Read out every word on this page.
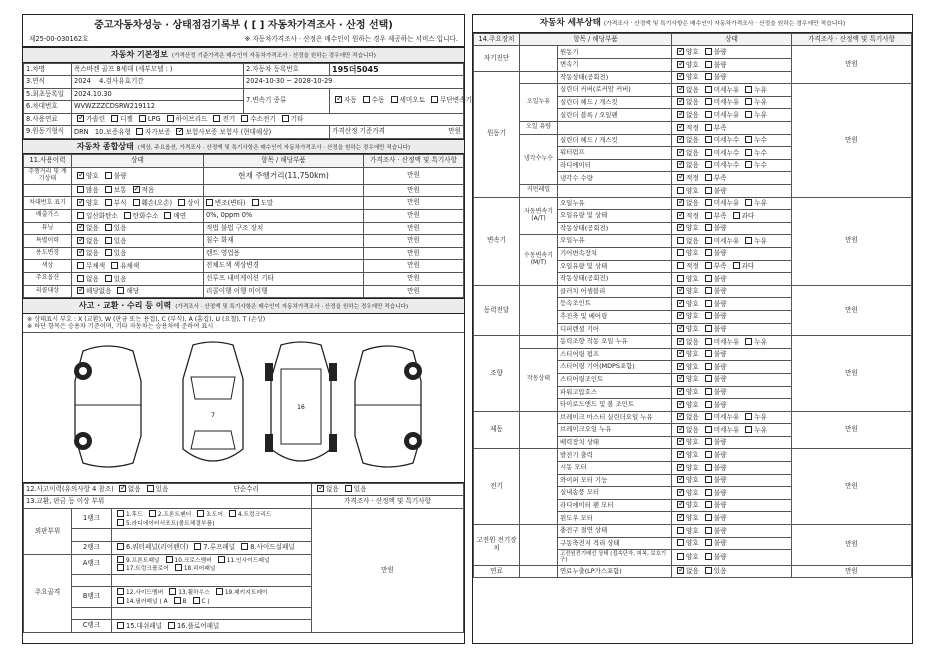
중고자동차성능 · 상태점검기록부 ( [ ] 자동차가격조사 · 산정 선택)
제25-00-030162호	※ 자동차가격조사 · 산정은 매수인이 원하는 경우 제공하는 서비스 입니다.
자동차 기본정보 (가격산정 기준가격은 매수인이 자동차가격조사 · 산정을 원하는 경우에만 적습니다)
1.차명	폭스바겐 골프 8세대 (세부모델 : )	2.자동차 등록번호	195더5045
3.연식	2024 4.검사유효기간	2024-10-30 ~ 2028-10-29	
5.최초등록일	2024.10.30	7.변속기 종류	✓자동 수동 세미오토 무단변속기
6.차대번호	WVWZZZCDSRW219112		
8.사용연료	✓가솔린 디젤 LPG 하이브리드 전기 수소전기 기타
9.원동기형식	DRN 10.보증유형 자가보증 ✓ 보험사보증 보험사 (현대해상)		가격산정 기준가격 만원
자동차 종합상태 (색상, 주요옵션, 가격조사 · 산정액 및 특기사항은 매수인이 자동차가격조사 · 산정을 원하는 경우에만 적습니다)
11.사용이력	상태	항목 / 해당부품	가격조사 · 산정액 및 특기사항
주행거리 및 계기상태	✓양호 불량	현재 주행거리(11,750km)	만원
	많음 보통 ✓ 적음		만원
차대번호 표기	✓양호 부식 훼손(오손) 상이 변조(변타) 도말		만원
배출가스	일산화탄소 탄화수소 매연	0%, 0ppm 0%	만원
튜닝	✓없음 있음	적법 불법 구조 장치	만원
특별이력	✓없음 있음	침수 화재	만원
용도변경	✓없음 있음	렌트 영업용	만원
색상	무채색 유채색	전체도색 색상변경	만원
주요옵션	없음 있음	선루프 내비게이션 기타	만원
리콜대상	✓해당없음 해당	리콜이행 이행 미이행	만원
사고 · 교환 · 수리 등 이력 (가격조사 · 산정액 및 특기사항은 매수인이 자동차가격조사 · 산정을 원하는 경우에만 적습니다)
※ 상태표시 부호 : X (교환), W (판금 또는 용접), C (부식), A (흠집), U (요철), T (손상)
※ 하단 항목은 승용차 기준이며, 기타 자동차는 승용차에 준하여 표시
7
16
12.사고이력(유의사항 4 참조) ✓ 없음 있음 단순수리	✓없음 있음
13.교환, 판금 등 이상 부위			가격조사 · 산정액 및 특기사항
외판부위	1랭크	1.후드 2.프론트펜더 3.도어 4.트렁크리드5.라디에이터서포트(볼트체결부품)	만원

	2랭크	6.쿼터패널(리어펜더) 7.루프패널 8.사이드실패널	
주요골격	A랭크	9.프론트패널 10.크로스멤버 11.인사이드패널17.트렁크플로어 18.리어패널	

	B랭크	12.사이드멤버 13.휠하우스 19.패키지트레이14.필러패널 ( A B C )	

	C랭크	15.대쉬패널 16.플로어패널	
자동차 세부상태 (가격조사 · 산정액 및 특기사항은 매수인이 자동차가격조사 · 산정을 원하는 경우에만 적습니다)
14.주요장치	항목 / 해당부품		상태	가격조사 · 산정액 및 특기사항
자기진단		원동기	✓양호 불량	만원
		변속기	✓양호 불량
원동기		작동상태(공회전)	✓양호 불량
	오일누유	실린더 커버(로커암 커버)	✓없음 미세누유 누유	만원
		실린더 헤드 / 개스킷	✓없음 미세누유 누유
		실린더 블록 / 오일팬	✓없음 미세누유 누유
	오일 유량		✓적정 부족
	냉각수누수	실린더 헤드 / 개스킷	✓없음 미세누수 누수
		워터펌프	✓없음 미세누수 누수
		라디에이터	✓없음 미세누수 누수
		냉각수 수량	✓적정 부족
	커먼레일		양호 불량	
변속기	자동변속기 (A/T)	오일누유	✓없음 미세누유 누유	만원
		오일유량 및 상태	✓적정 부족 과다
		작동상태(공회전)	✓양호 불량
	수동변속기 (M/T)	오일누유	없음 미세누유 누유	
		기어변속장치	양호 불량	
		오일유량 및 상태	적정 부족 과다	
		작동상태(공회전)	양호 불량	
동력전달		클러치 어셈블리	✓양호 불량	만원
		등속조인트	✓양호 불량
		추진축 및 베어링	✓양호 불량
		디퍼렌셜 기어	✓양호 불량
조향		동력조향 작동 오일 누유	✓없음 미세누유 누유	만원
	작동상태	스티어링 펌프	✓양호 불량
		스티어링 기어(MDPS포함)	✓양호 불량
		스티어링조인트	✓양호 불량
		파워고압호스	✓양호 불량
		타이로드엔드 및 볼 조인트	✓양호 불량
제동		브레이크 마스터 실린더오일 누유	✓없음 미세누유 누유	만원
		브레이크오일 누유	✓없음 미세누유 누유
		배력장치 상태	✓양호 불량
전기		발전기 출력	✓양호 불량	만원
		시동 모터	✓양호 불량
		와이퍼 모터 기능	✓양호 불량
		실내송풍 모터	✓양호 불량
		라디에이터 팬 모터	✓양호 불량
		윈도우 모터	✓양호 불량
고전원 전기장치		충전구 절연 상태	양호 불량	만원
		구동축전지 격리 상태	양호 불량	
		고전원전기배선 상태 (접속단자, 피복, 보호기구)	양호 불량	
연료		연료누출(LP가스포함)	✓없음 있음	만원
